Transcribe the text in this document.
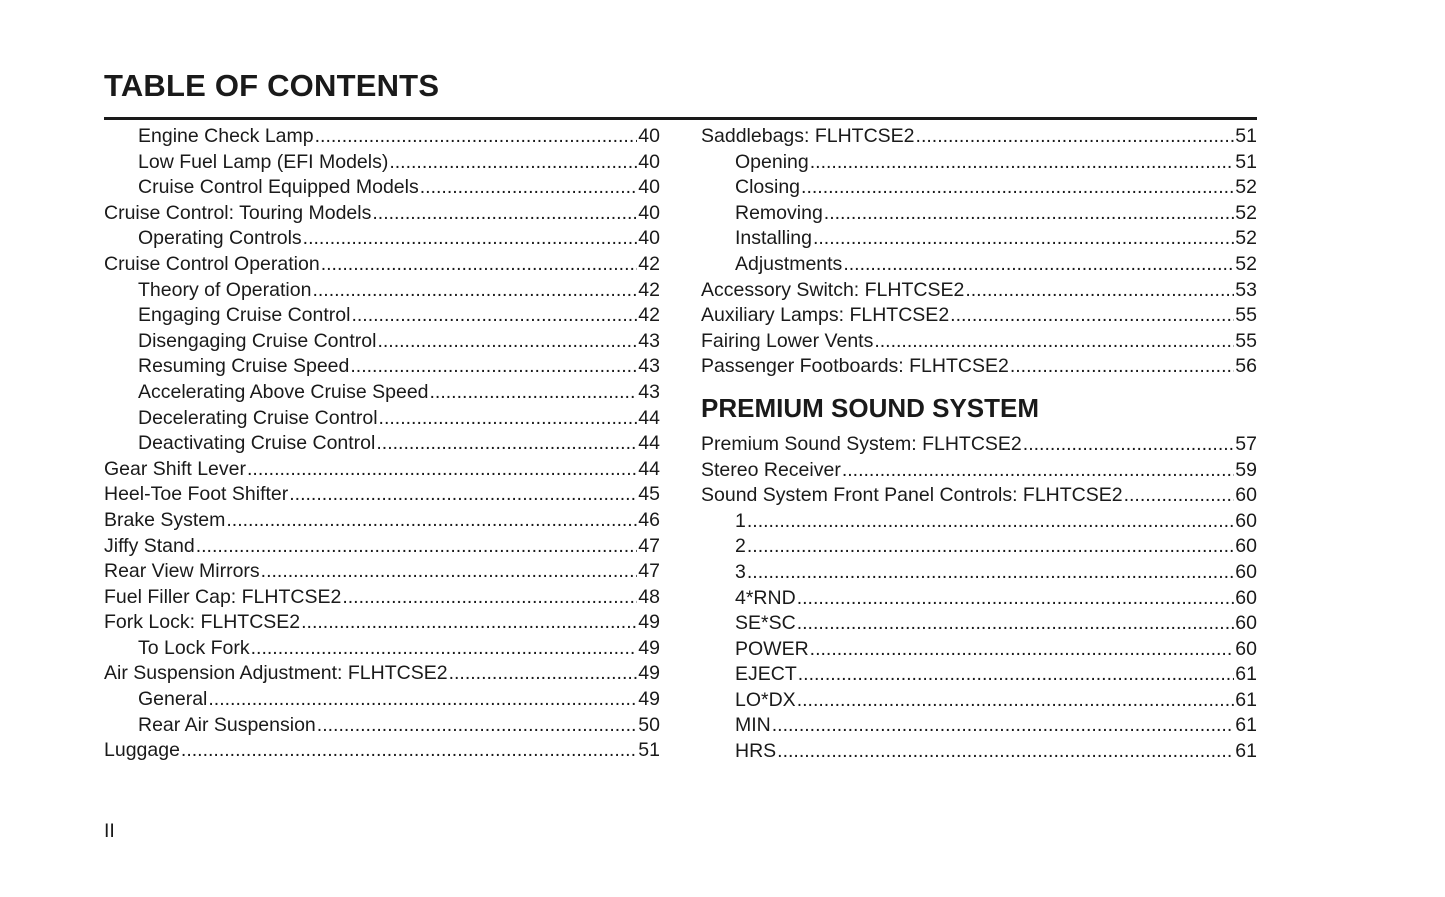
TABLE OF CONTENTS
Engine Check Lamp .....	40
Low Fuel Lamp (EFI Models) .....	40
Cruise Control Equipped Models .....	40
Cruise Control: Touring Models .....	40
Operating Controls .....	40
Cruise Control Operation .....	42
Theory of Operation .....	42
Engaging Cruise Control .....	42
Disengaging Cruise Control .....	43
Resuming Cruise Speed .....	43
Accelerating Above Cruise Speed .....	43
Decelerating Cruise Control .....	44
Deactivating Cruise Control .....	44
Gear Shift Lever .....	44
Heel-Toe Foot Shifter .....	45
Brake System .....	46
Jiffy Stand .....	47
Rear View Mirrors .....	47
Fuel Filler Cap: FLHTCSE2 .....	48
Fork Lock: FLHTCSE2 .....	49
To Lock Fork .....	49
Air Suspension Adjustment: FLHTCSE2 .....	49
General .....	49
Rear Air Suspension .....	50
Luggage .....	51
Saddlebags: FLHTCSE2 .....	51
Opening .....	51
Closing .....	52
Removing .....	52
Installing .....	52
Adjustments .....	52
Accessory Switch: FLHTCSE2 .....	53
Auxiliary Lamps: FLHTCSE2 .....	55
Fairing Lower Vents .....	55
Passenger Footboards: FLHTCSE2 .....	56
PREMIUM SOUND SYSTEM
Premium Sound System: FLHTCSE2 .....	57
Stereo Receiver .....	59
Sound System Front Panel Controls: FLHTCSE2 .....	60
1 .....	60
2 .....	60
3 .....	60
4*RND .....	60
SE*SC .....	60
POWER .....	60
EJECT .....	61
LO*DX .....	61
MIN .....	61
HRS .....	61
II
